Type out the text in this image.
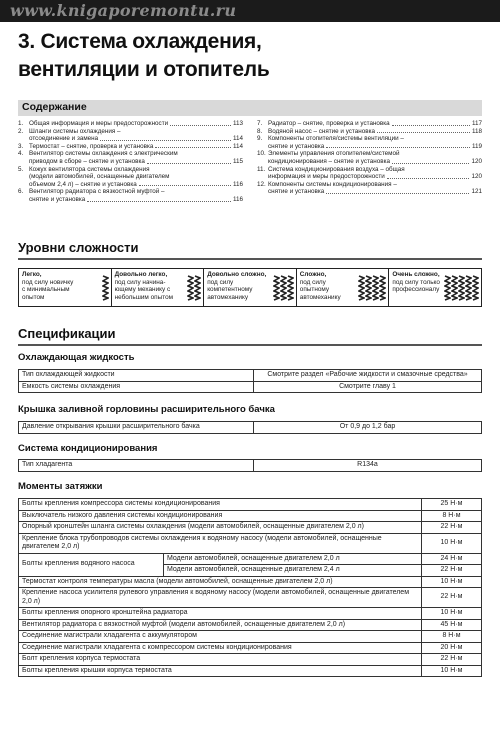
www.knigaporemontu.ru
3. Система охлаждения,
вентиляции и отопитель
Содержание
1. Общая информация и меры предосторожности	113
2. Шланги системы охлаждения –
отсоединение и замена	114
3. Термостат – снятие, проверка и установка	114
4. Вентилятор системы охлаждения с электрическим
приводом в сборе – снятие и установка	115
5. Кожух вентилятора системы охлаждения
(модели автомобилей, оснащенные двигателем
объемом 2,4 л) – снятие и установка	116
6. Вентилятор радиатора с вязкостной муфтой –
снятие и установка	116
7. Радиатор – снятие, проверка и установка	117
8. Водяной насос – снятие и установка	118
9. Компоненты отопителя/системы вентиляции –
снятие и установка	119
10. Элементы управления отопителем/системой
кондиционирования – снятие и установка	120
11. Система кондиционирования воздуха – общая
информация и меры предосторожности	120
12. Компоненты системы кондиционирования –
снятие и установка	121
Уровни сложности
Легко,
под силу новичку
с минимальным
опытом
Довольно легко,
под силу начина-
ющему механику с
небольшим опытом
Довольно сложно,
под силу
компетентному
автомеханику
Сложно,
под силу
опытному
автомеханику
Очень сложно,
под силу только
профессионалу
Спецификации
Охлаждающая жидкость
Тип охлаждающей жидкости	Смотрите раздел «Рабочие жидкости и смазочные средства»
Емкость системы охлаждения	Смотрите главу 1
Крышка заливной горловины расширительного бачка
Давление открывания крышки расширительного бачка	От 0,9 до 1,2 бар
Система кондиционирования
Тип хладагента	R134a
Моменты затяжки
Болты крепления компрессора системы кондиционирования		25 Н·м
Выключатель низкого давления системы кондиционирования		8 Н·м
Опорный кронштейн шланга системы охлаждения (модели автомобилей, оснащенные двигателем 2,0 л)		22 Н·м
Крепление блока трубопроводов системы охлаждения к водяному насосу (модели автомобилей, оснащенные двигателем 2,0 л)		10 Н·м
Болты крепления водяного насоса	Модели автомобилей, оснащенные двигателем 2,0 л	24 Н·м
	Модели автомобилей, оснащенные двигателем 2,4 л	22 Н·м
Термостат контроля температуры масла (модели автомобилей, оснащенные двигателем 2,0 л)		10 Н·м
Крепление насоса усилителя рулевого управления к водяному насосу (модели автомобилей, оснащенные двигателем 2,0 л)		22 Н·м
Болты крепления опорного кронштейна радиатора		10 Н·м
Вентилятор радиатора с вязкостной муфтой (модели автомобилей, оснащенные двигателем 2,0 л)		45 Н·м
Соединение магистрали хладагента с аккумулятором		8 Н·м
Соединение магистрали хладагента с компрессором системы кондиционирования		20 Н·м
Болт крепления корпуса термостата		22 Н·м
Болты крепления крышки корпуса термостата		10 Н·м
